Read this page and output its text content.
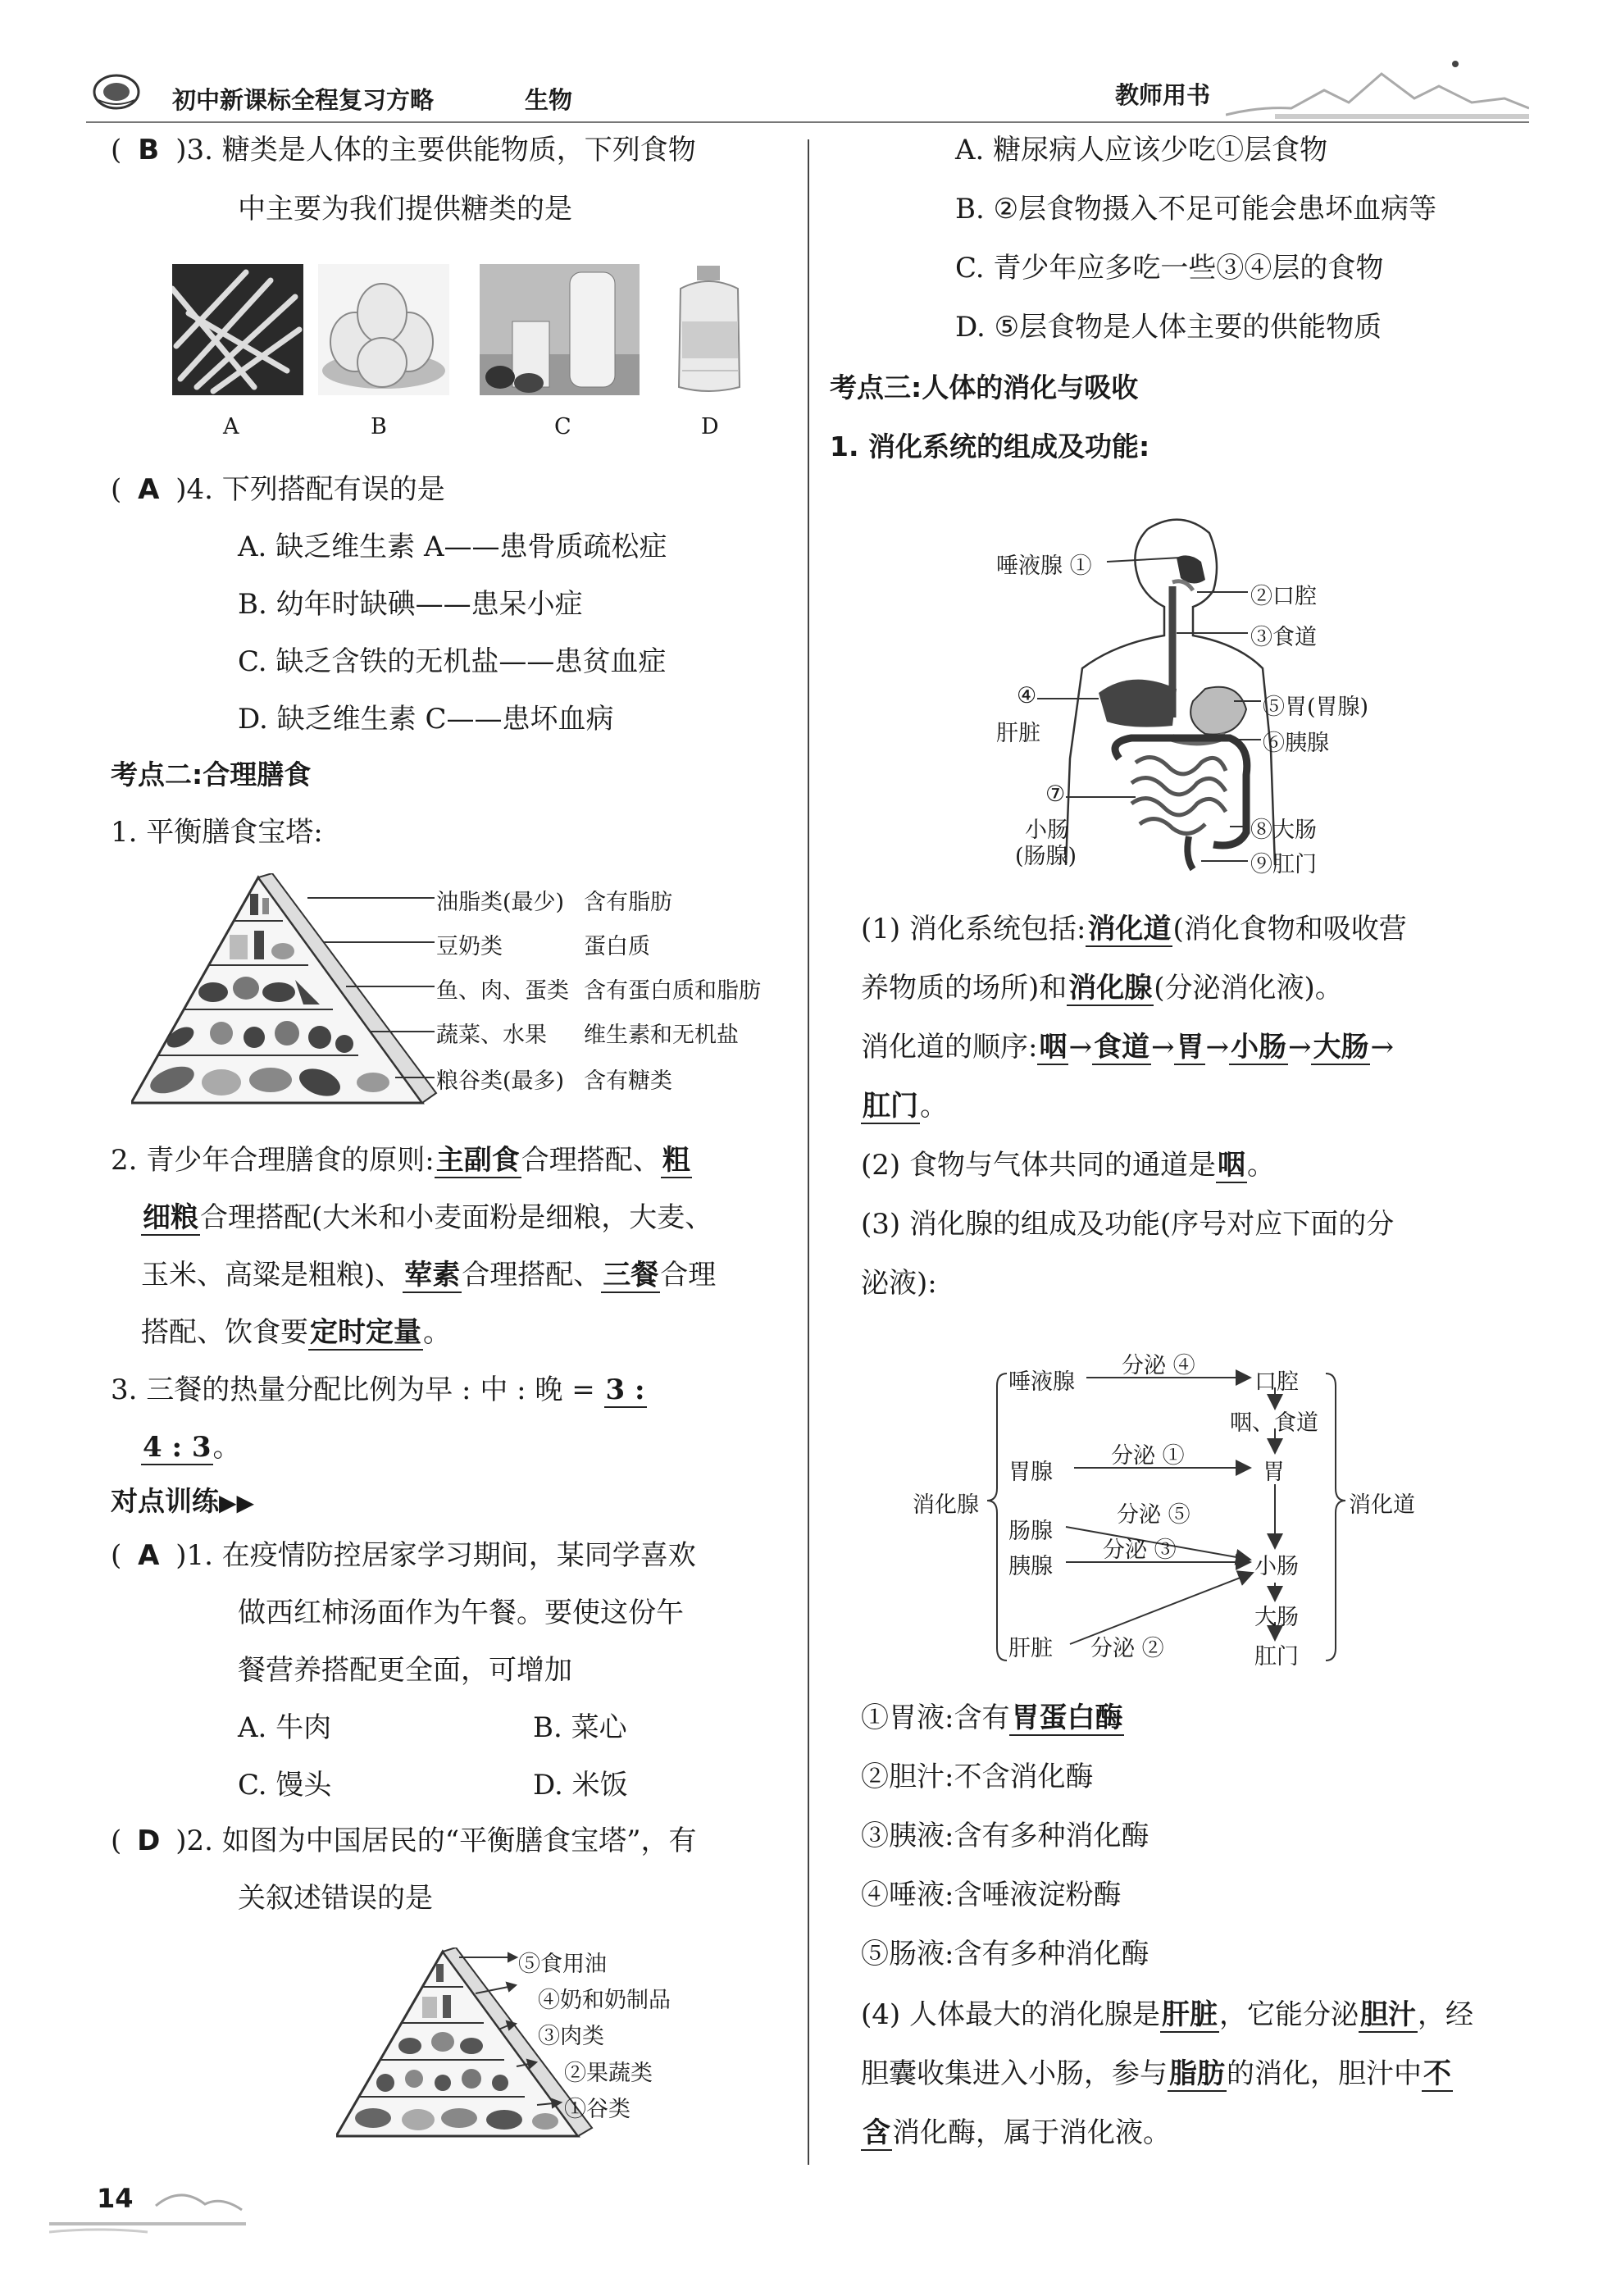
初中新课标全程复习方略	生物	教师用书
( B )3. 糖类是人体的主要供能物质，下列食物
中主要为我们提供糖类的是
A	B	C	D
( A )4. 下列搭配有误的是
A. 缺乏维生素 A——患骨质疏松症
B. 幼年时缺碘——患呆小症
C. 缺乏含铁的无机盐——患贫血症
D. 缺乏维生素 C——患坏血病
考点二:合理膳食
1. 平衡膳食宝塔:
油脂类(最少) 含有脂肪
豆奶类	蛋白质
鱼、肉、蛋类 含有蛋白质和脂肪
蔬菜、水果 维生素和无机盐
粮谷类(最多) 含有糖类
2. 青少年合理膳食的原则:主副食合理搭配、粗
细粮合理搭配(大米和小麦面粉是细粮，大麦、
玉米、高粱是粗粮)、荤素合理搭配、三餐合理
搭配、饮食要定时定量。
3. 三餐的热量分配比例为早 : 中 : 晚 = 3 :
4 : 3。
对点训练▶▶
( A )1. 在疫情防控居家学习期间，某同学喜欢
做西红柿汤面作为午餐。要使这份午
餐营养搭配更全面，可增加
A. 牛肉	B. 菜心
C. 馒头	D. 米饭
( D )2. 如图为中国居民的“平衡膳食宝塔”，有
关叙述错误的是
⑤食用油
④奶和奶制品
③肉类
②果蔬类
①谷类
14
A. 糖尿病人应该少吃①层食物
B. ②层食物摄入不足可能会患坏血病等
C. 青少年应多吃一些③④层的食物
D. ⑤层食物是人体主要的供能物质
考点三:人体的消化与吸收
1. 消化系统的组成及功能:
唾液腺 ①
②口腔
③食道
④
肝脏
⑤胃(胃腺)
⑥胰腺
⑦
小肠
(肠腺)
⑧大肠
⑨肛门
(1) 消化系统包括:消化道(消化食物和吸收营
养物质的场所)和消化腺(分泌消化液)。
消化道的顺序:咽→食道→胃→小肠→大肠→
肛门。
(2) 食物与气体共同的通道是咽。
(3) 消化腺的组成及功能(序号对应下面的分
泌液):
消化腺	消化道
唾液腺
胃腺
肠腺
胰腺
肝脏
分泌 ④
分泌 ①
分泌 ⑤
分泌 ③
分泌 ②
口腔
咽、食道
胃
小肠
大肠
肛门
①胃液:含有胃蛋白酶
②胆汁:不含消化酶
③胰液:含有多种消化酶
④唾液:含唾液淀粉酶
⑤肠液:含有多种消化酶
(4) 人体最大的消化腺是肝脏，它能分泌胆汁，经
胆囊收集进入小肠，参与脂肪的消化，胆汁中不
含消化酶，属于消化液。
